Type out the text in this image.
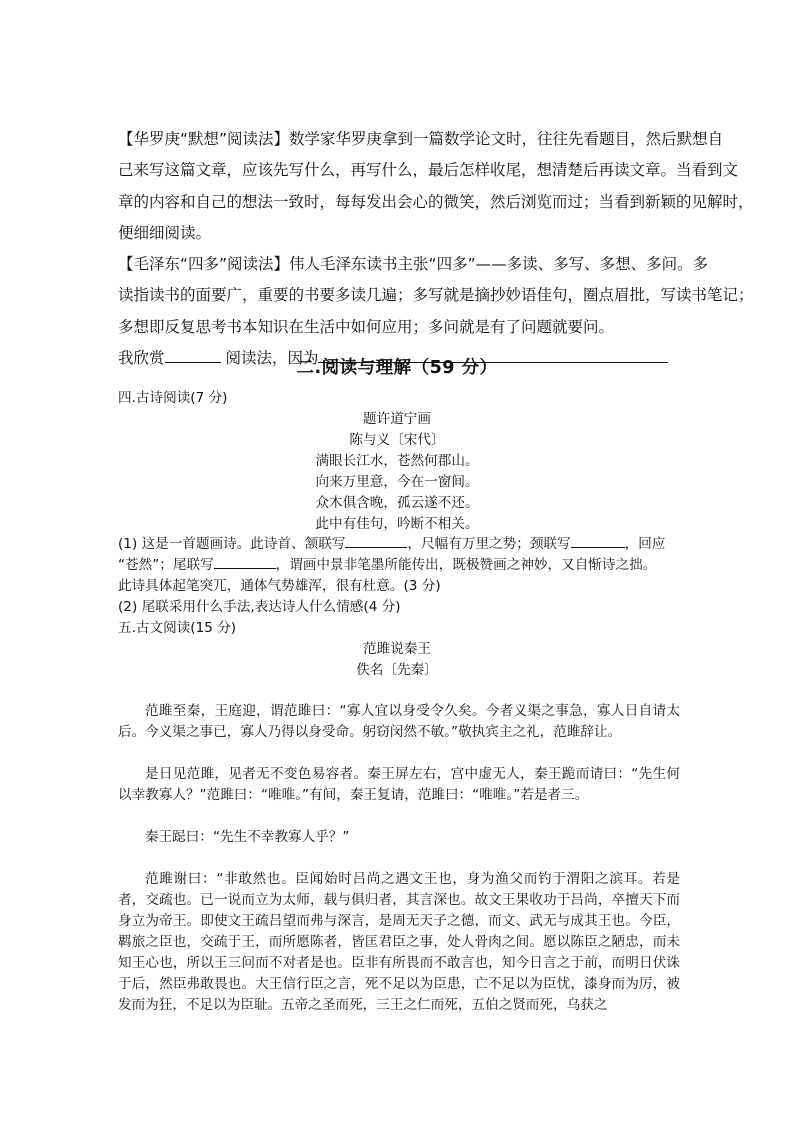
【华罗庚“默想”阅读法】数学家华罗庚拿到一篇数学论文时，往往先看题目，然后默想自
己来写这篇文章，应该先写什么，再写什么，最后怎样收尾，想清楚后再读文章。当看到文
章的内容和自己的想法一致时，每每发出会心的微笑，然后浏览而过；当看到新颖的见解时，
便细细阅读。
【毛泽东“四多”阅读法】伟人毛泽东读书主张“四多”——多读、多写、多想、多问。多
读指读书的面要广，重要的书要多读几遍；多写就是摘抄妙语佳句，圈点眉批，写读书笔记；
多想即反复思考书本知识在生活中如何应用；多问就是有了问题就要问。
我欣赏	阅读法，因为
二.阅读与理解（59 分）
四.古诗阅读(7 分)
题许道宁画
陈与义〔宋代〕
满眼长江水，苍然何郡山。
向来万里意，今在一窗间。
众木俱含晚，孤云遂不还。
此中有佳句，吟断不相关。
(1) 这是一首题画诗。此诗首、颔联写	，尺幅有万里之势；颈联写	，回应
“苍然”；尾联写	，谓画中景非笔墨所能传出，既极赞画之神妙，又自惭诗之拙。
此诗具体起笔突兀，通体气势雄浑，很有杜意。(3 分)
(2) 尾联采用什么手法,表达诗人什么情感(4 分)
五.古文阅读(15 分)
范雎说秦王
佚名〔先秦〕

范雎至秦，王庭迎，谓范雎曰：“寡人宜以身受令久矣。今者义渠之事急，寡人日自请太后。今义渠之事已，寡人乃得以身受命。躬窃闵然不敏。”敬执宾主之礼，范雎辞让。

是日见范雎，见者无不变色易容者。秦王屏左右，宫中虚无人，秦王跪而请曰：“先生何以幸教寡人？”范雎曰：“唯唯。”有间，秦王复请，范雎曰：“唯唯。”若是者三。

秦王跽曰：“先生不幸教寡人乎？”

范雎谢曰：“非敢然也。臣闻始时吕尚之遇文王也，身为渔父而钓于渭阳之滨耳。若是者，交疏也。已一说而立为太师，载与俱归者，其言深也。故文王果收功于吕尚，卒擅天下而身立为帝王。即使文王疏吕望而弗与深言，是周无天子之德，而文、武无与成其王也。今臣，羁旅之臣也，交疏于王，而所愿陈者，皆匡君臣之事，处人骨肉之间。愿以陈臣之陋忠，而未知王心也，所以王三问而不对者是也。臣非有所畏而不敢言也，知今日言之于前，而明日伏诛于后，然臣弗敢畏也。大王信行臣之言，死不足以为臣患，亡不足以为臣忧，漆身而为厉，被发而为狂，不足以为臣耻。五帝之圣而死，三王之仁而死，五伯之贤而死，乌获之
